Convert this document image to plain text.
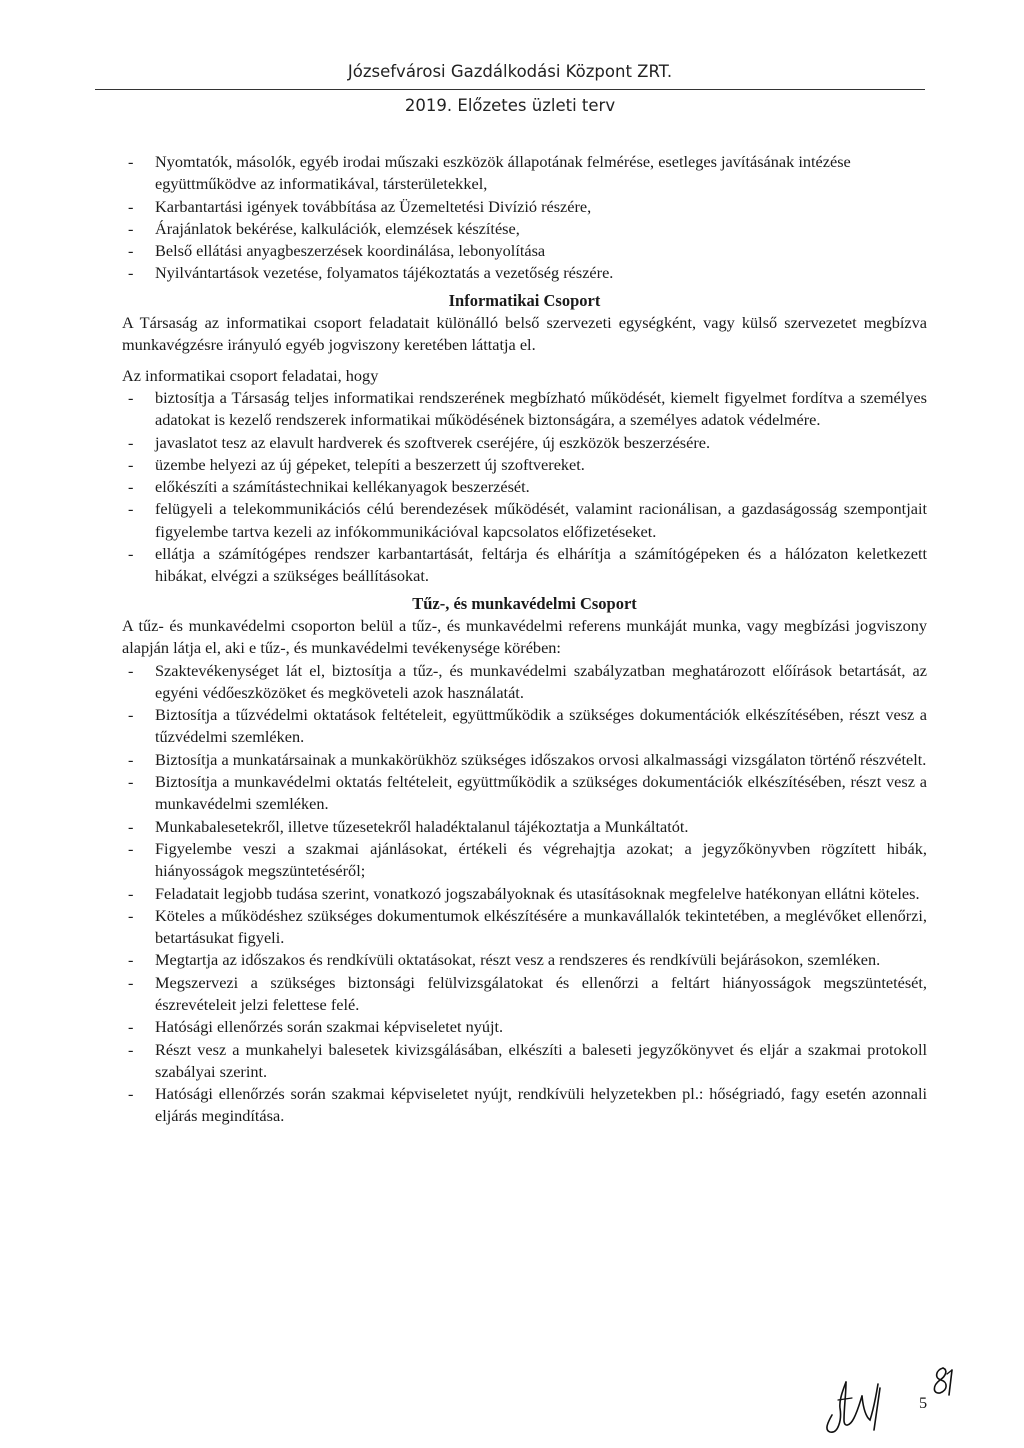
Józsefvárosi Gazdálkodási Központ ZRT.
2019. Előzetes üzleti terv
- Nyomtatók, másolók, egyéb irodai műszaki eszközök állapotának felmérése, esetleges javításának intézése együttműködve az informatikával, társterületekkel,
- Karbantartási igények továbbítása az Üzemeltetési Divízió részére,
- Árajánlatok bekérése, kalkulációk, elemzések készítése,
- Belső ellátási anyagbeszerzések koordinálása, lebonyolítása
- Nyilvántartások vezetése, folyamatos tájékoztatás a vezetőség részére.
Informatikai Csoport

A Társaság az informatikai csoport feladatait különálló belső szervezeti egységként, vagy külső szervezetet megbízva munkavégzésre irányuló egyéb jogviszony keretében láttatja el.

Az informatikai csoport feladatai, hogy

- biztosítja a Társaság teljes informatikai rendszerének megbízható működését, kiemelt figyelmet fordítva a személyes adatokat is kezelő rendszerek informatikai működésének biztonságára, a személyes adatok védelmére.
- javaslatot tesz az elavult hardverek és szoftverek cseréjére, új eszközök beszerzésére.
- üzembe helyezi az új gépeket, telepíti a beszerzett új szoftvereket.
- előkészíti a számítástechnikai kellékanyagok beszerzését.
- felügyeli a telekommunikációs célú berendezések működését, valamint racionálisan, a gazdaságosság szempontjait figyelembe tartva kezeli az infókommunikációval kapcsolatos előfizetéseket.
- ellátja a számítógépes rendszer karbantartását, feltárja és elhárítja a számítógépeken és a hálózaton keletkezett hibákat, elvégzi a szükséges beállításokat.
Tűz-, és munkavédelmi Csoport

A tűz- és munkavédelmi csoporton belül a tűz-, és munkavédelmi referens munkáját munka, vagy megbízási jogviszony alapján látja el, aki e tűz-, és munkavédelmi tevékenysége körében:

- Szaktevékenységet lát el, biztosítja a tűz-, és munkavédelmi szabályzatban meghatározott előírások betartását, az egyéni védőeszközöket és megköveteli azok használatát.
- Biztosítja a tűzvédelmi oktatások feltételeit, együttműködik a szükséges dokumentációk elkészítésében, részt vesz a tűzvédelmi szemléken.
- Biztosítja a munkatársainak a munkakörükhöz szükséges időszakos orvosi alkalmassági vizsgálaton történő részvételt.
- Biztosítja a munkavédelmi oktatás feltételeit, együttműködik a szükséges dokumentációk elkészítésében, részt vesz a munkavédelmi szemléken.
- Munkabalesetekről, illetve tűzesetekről haladéktalanul tájékoztatja a Munkáltatót.
- Figyelembe veszi a szakmai ajánlásokat, értékeli és végrehajtja azokat; a jegyzőkönyvben rögzített hibák, hiányosságok megszüntetéséről;
- Feladatait legjobb tudása szerint, vonatkozó jogszabályoknak és utasításoknak megfelelve hatékonyan ellátni köteles.
- Köteles a működéshez szükséges dokumentumok elkészítésére a munkavállalók tekintetében, a meglévőket ellenőrzi, betartásukat figyeli.
- Megtartja az időszakos és rendkívüli oktatásokat, részt vesz a rendszeres és rendkívüli bejárásokon, szemléken.
- Megszervezi a szükséges biztonsági felülvizsgálatokat és ellenőrzi a feltárt hiányosságok megszüntetését, észrevételeit jelzi felettese felé.
- Hatósági ellenőrzés során szakmai képviseletet nyújt.
- Részt vesz a munkahelyi balesetek kivizsgálásában, elkészíti a baleseti jegyzőkönyvet és eljár a szakmai protokoll szabályai szerint.
- Hatósági ellenőrzés során szakmai képviseletet nyújt, rendkívüli helyzetekben pl.: hőségriadó, fagy esetén azonnali eljárás megindítása.
5
